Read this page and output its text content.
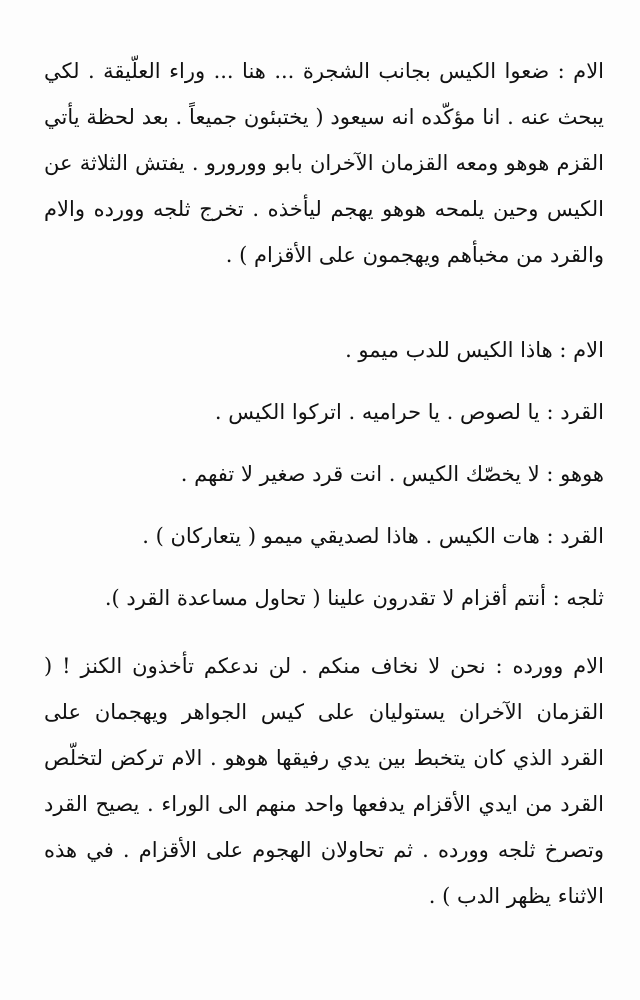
الام : ضعوا الكيس بجانب الشجرة ... هنا ... وراء العلّيقة . لكي يبحث عنه . انا مؤكّده انه سيعود ( يختبئون جميعاً . بعد لحظة يأتي القزم هوهو ومعه القزمان الآخران بابو وورورو . يفتش الثلاثة عن الكيس وحين يلمحه هوهو يهجم ليأخذه . تخرج ثلجه وورده والام والقرد من مخبأهم ويهجمون على الأقزام ) .

الام : هاذا الكيس للدب ميمو .

القرد : يا لصوص . يا حراميه . اتركوا الكيس .

هوهو : لا يخصّك الكيس . انت قرد صغير لا تفهم .

القرد : هات الكيس . هاذا لصديقي ميمو ( يتعاركان ) .

ثلجه : أنتم أقزام لا تقدرون علينا ( تحاول مساعدة القرد ).

الام وورده : نحن لا نخاف منكم . لن ندعكم تأخذون الكنز ! ( القزمان الآخران يستوليان على كيس الجواهر ويهجمان على القرد الذي كان يتخبط بين يدي رفيقها هوهو . الام تركض لتخلّص القرد من ايدي الأقزام يدفعها واحد منهم الى الوراء . يصيح القرد وتصرخ ثلجه وورده . ثم تحاولان الهجوم على الأقزام . في هذه الاثناء يظهر الدب ) .
